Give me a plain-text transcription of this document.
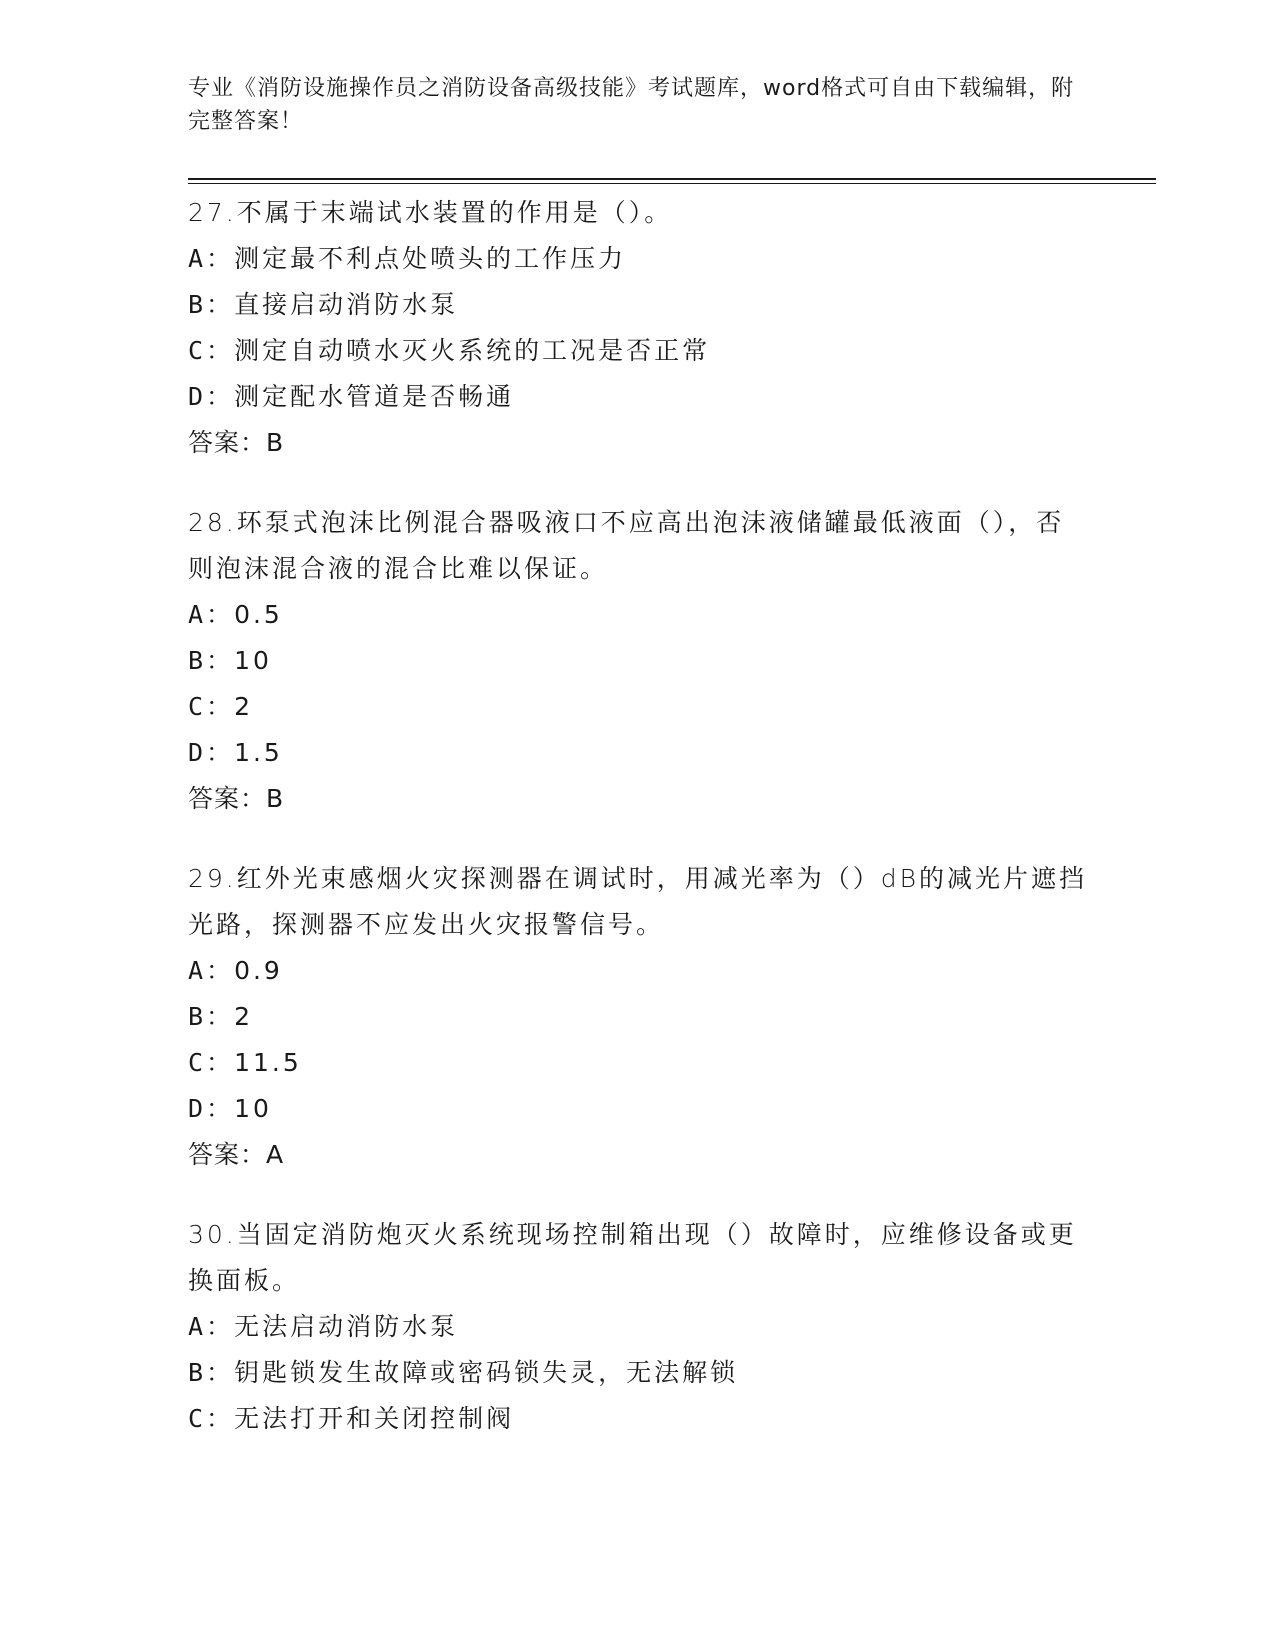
专业《消防设施操作员之消防设备高级技能》考试题库，word格式可自由下载编辑，附完整答案！
27.不属于末端试水装置的作用是（）。
A：测定最不利点处喷头的工作压力
B：直接启动消防水泵
C：测定自动喷水灭火系统的工况是否正常
D：测定配水管道是否畅通
答案：B
28.环泵式泡沫比例混合器吸液口不应高出泡沫液储罐最低液面（），否则泡沫混合液的混合比难以保证。
A：0.5
B：10
C：2
D：1.5
答案：B
29.红外光束感烟火灾探测器在调试时，用减光率为（）dB的减光片遮挡光路，探测器不应发出火灾报警信号。
A：0.9
B：2
C：11.5
D：10
答案：A
30.当固定消防炮灭火系统现场控制箱出现（）故障时，应维修设备或更换面板。
A：无法启动消防水泵
B：钥匙锁发生故障或密码锁失灵，无法解锁
C：无法打开和关闭控制阀
